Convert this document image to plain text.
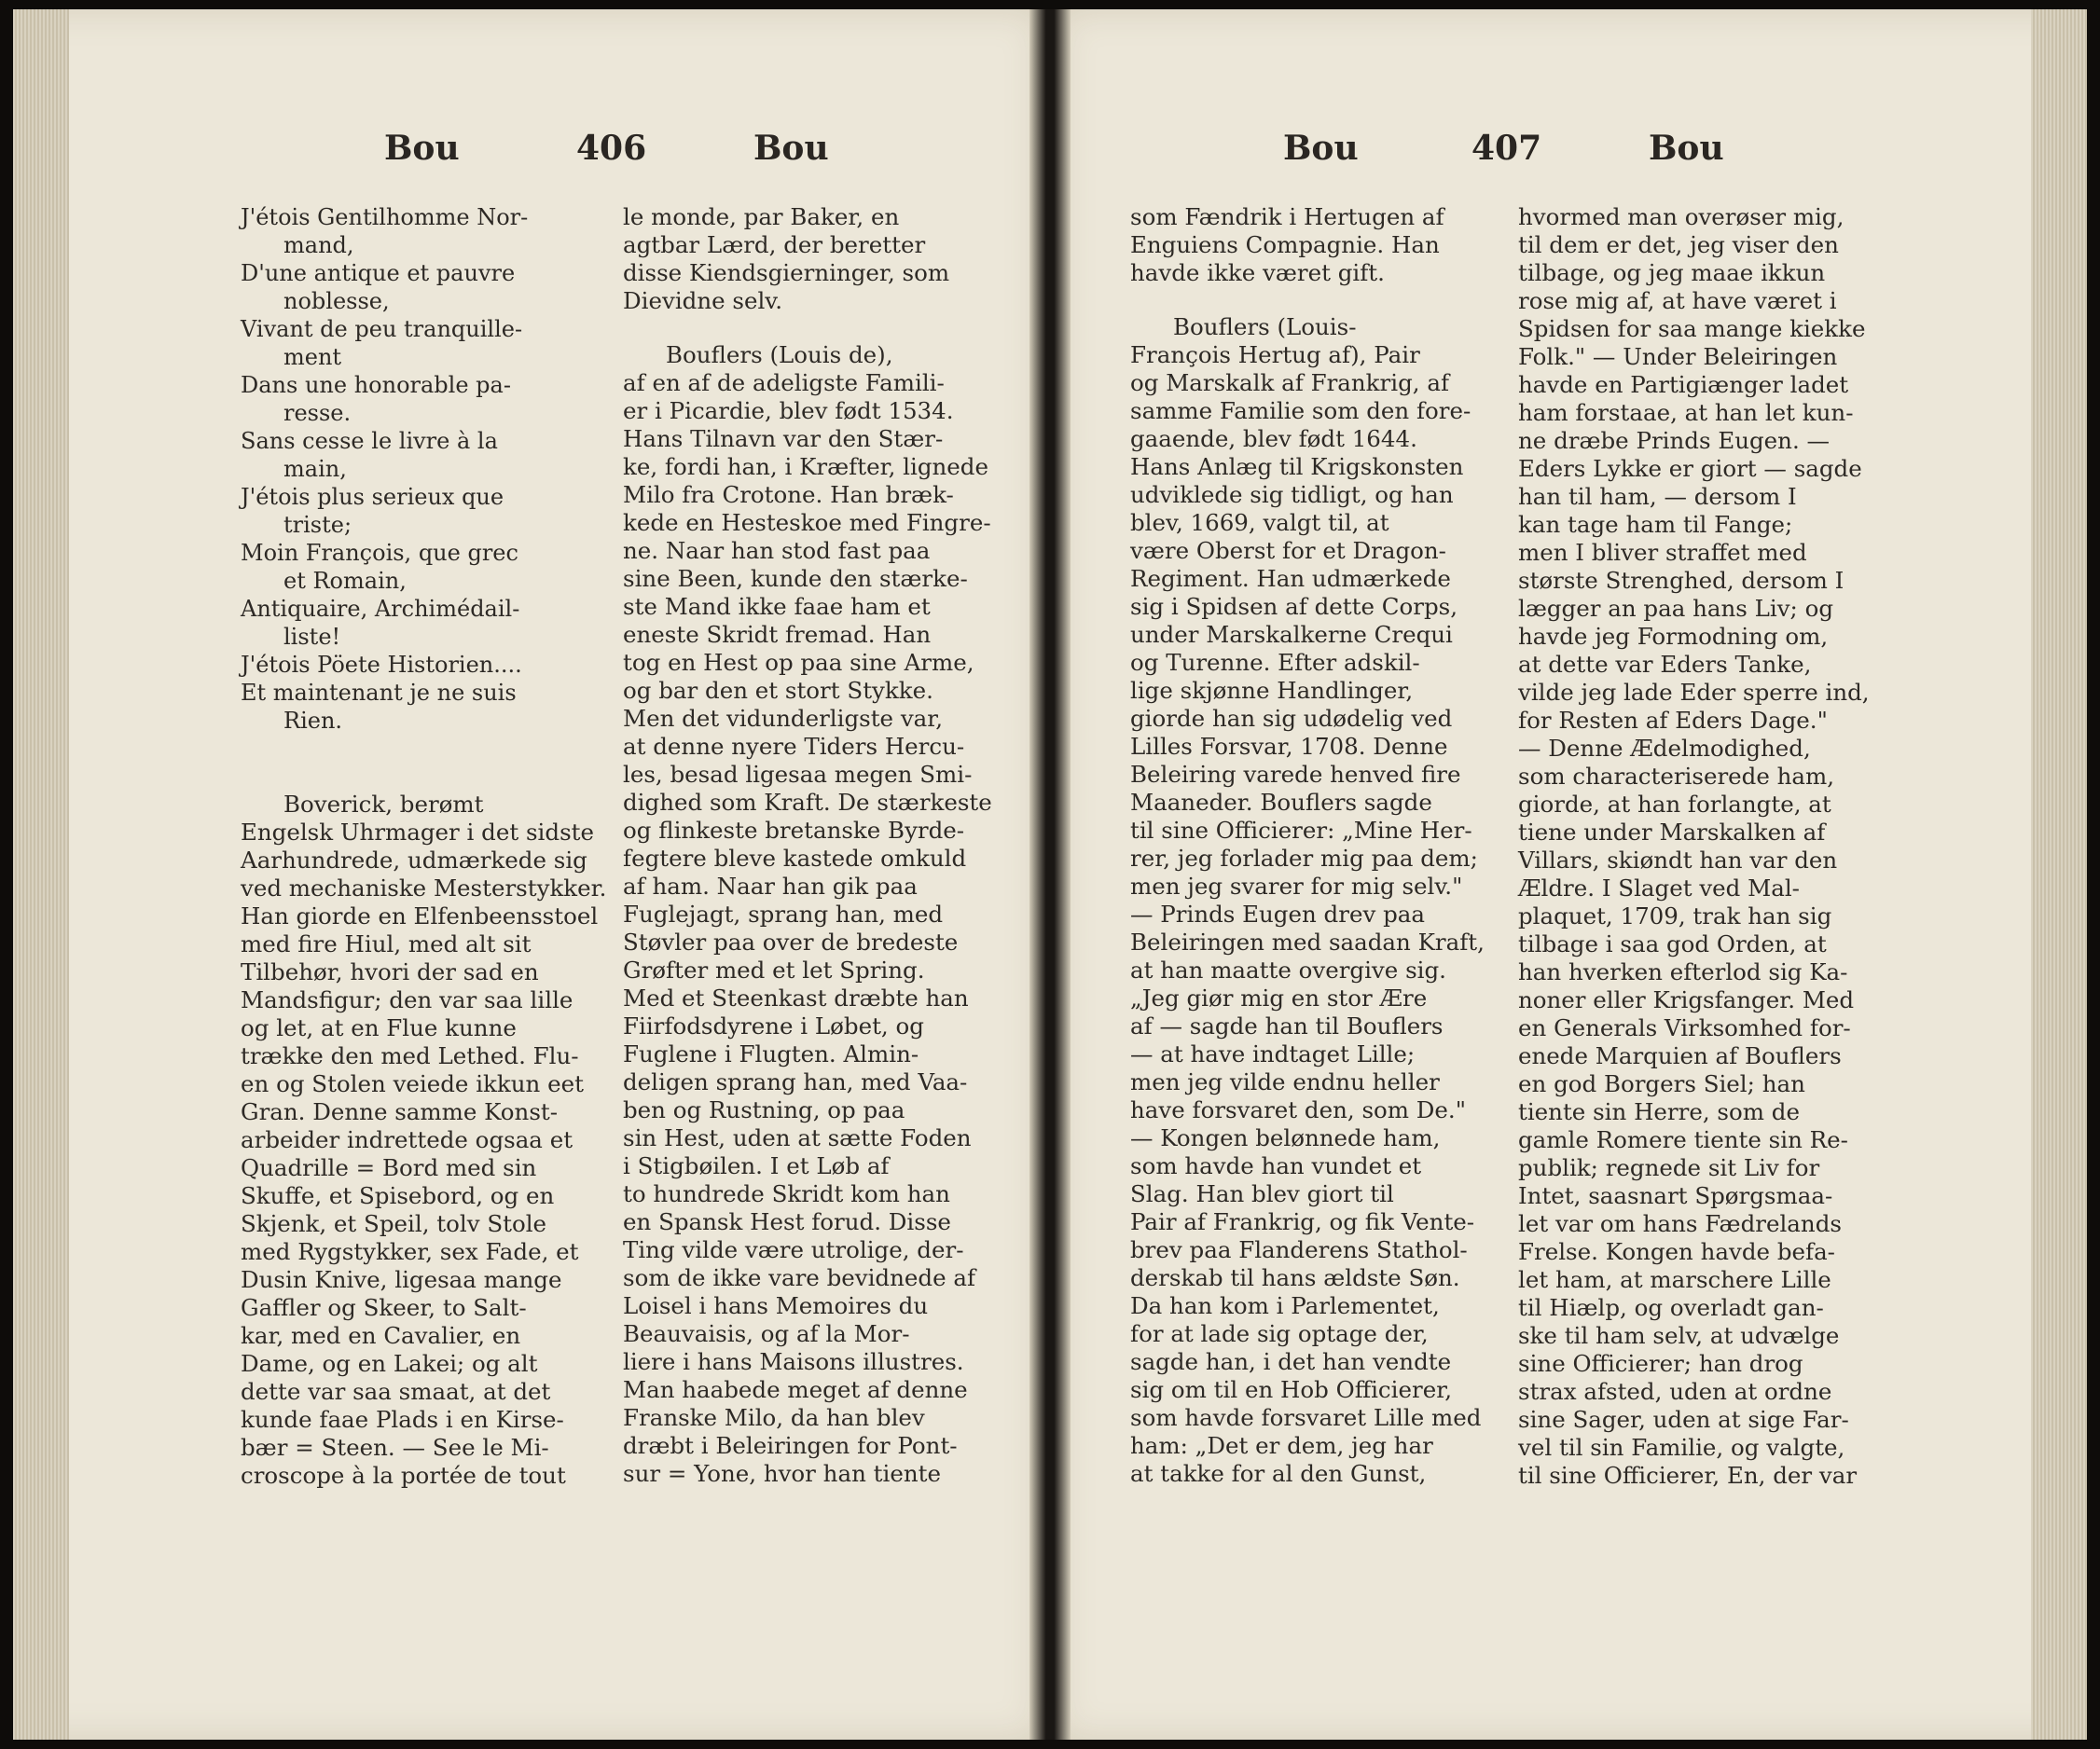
Bou	406	Bou	Bou	407	Bou
J'étois Gentilhomme Nor-
mand,
D'une antique et pauvre
noblesse,
Vivant de peu tranquille-
ment
Dans une honorable pa-
resse.
Sans cesse le livre à la
main,
J'étois plus serieux que
triste;
Moin François, que grec
et Romain,
Antiquaire, Archimédail-
liste!
J'étois Pöete Historien....
Et maintenant je ne suis
Rien.
Boverick, berømt
Engelsk Uhrmager i det sidste
Aarhundrede, udmærkede sig
ved mechaniske Mesterstykker.
Han giorde en Elfenbeensstoel
med fire Hiul, med alt sit
Tilbehør, hvori der sad en
Mandsfigur; den var saa lille
og let, at en Flue kunne
trække den med Lethed. Flu-
en og Stolen veiede ikkun eet
Gran. Denne samme Konst-
arbeider indrettede ogsaa et
Quadrille = Bord med sin
Skuffe, et Spisebord, og en
Skjenk, et Speil, tolv Stole
med Rygstykker, sex Fade, et
Dusin Knive, ligesaa mange
Gaffler og Skeer, to Salt-
kar, med en Cavalier, en
Dame, og en Lakei; og alt
dette var saa smaat, at det
kunde faae Plads i en Kirse-
bær = Steen. — See le Mi-
croscope à la portée de tout
le monde, par Baker, en
agtbar Lærd, der beretter
disse Kiendsgierninger, som
Dievidne selv.

Bouflers (Louis de),
af en af de adeligste Famili-
er i Picardie, blev født 1534.
Hans Tilnavn var den Stær-
ke, fordi han, i Kræfter, lignede
Milo fra Crotone. Han bræk-
kede en Hesteskoe med Fingre-
ne. Naar han stod fast paa
sine Been, kunde den stærke-
ste Mand ikke faae ham et
eneste Skridt fremad. Han
tog en Hest op paa sine Arme,
og bar den et stort Stykke.
Men det vidunderligste var,
at denne nyere Tiders Hercu-
les, besad ligesaa megen Smi-
dighed som Kraft. De stærkeste
og flinkeste bretanske Byrde-
fegtere bleve kastede omkuld
af ham. Naar han gik paa
Fuglejagt, sprang han, med
Støvler paa over de bredeste
Grøfter med et let Spring.
Med et Steenkast dræbte han
Fiirfodsdyrene i Løbet, og
Fuglene i Flugten. Almin-
deligen sprang han, med Vaa-
ben og Rustning, op paa
sin Hest, uden at sætte Foden
i Stigbøilen. I et Løb af
to hundrede Skridt kom han
en Spansk Hest forud. Disse
Ting vilde være utrolige, der-
som de ikke vare bevidnede af
Loisel i hans Memoires du
Beauvaisis, og af la Mor-
liere i hans Maisons illustres.
Man haabede meget af denne
Franske Milo, da han blev
dræbt i Beleiringen for Pont-
sur = Yone, hvor han tiente
som Fændrik i Hertugen af
Enguiens Compagnie. Han
havde ikke været gift.

Bouflers (Louis-
François Hertug af), Pair
og Marskalk af Frankrig, af
samme Familie som den fore-
gaaende, blev født 1644.
Hans Anlæg til Krigskonsten
udviklede sig tidligt, og han
blev, 1669, valgt til, at
være Oberst for et Dragon-
Regiment. Han udmærkede
sig i Spidsen af dette Corps,
under Marskalkerne Crequi
og Turenne. Efter adskil-
lige skjønne Handlinger,
giorde han sig udødelig ved
Lilles Forsvar, 1708. Denne
Beleiring varede henved fire
Maaneder. Bouflers sagde
til sine Officierer: „Mine Her-
rer, jeg forlader mig paa dem;
men jeg svarer for mig selv."
— Prinds Eugen drev paa
Beleiringen med saadan Kraft,
at han maatte overgive sig.
„Jeg giør mig en stor Ære
af — sagde han til Bouflers
— at have indtaget Lille;
men jeg vilde endnu heller
have forsvaret den, som De."
— Kongen belønnede ham,
som havde han vundet et
Slag. Han blev giort til
Pair af Frankrig, og fik Vente-
brev paa Flanderens Stathol-
derskab til hans ældste Søn.
Da han kom i Parlementet,
for at lade sig optage der,
sagde han, i det han vendte
sig om til en Hob Officierer,
som havde forsvaret Lille med
ham: „Det er dem, jeg har
at takke for al den Gunst,
hvormed man overøser mig,
til dem er det, jeg viser den
tilbage, og jeg maae ikkun
rose mig af, at have været i
Spidsen for saa mange kiekke
Folk." — Under Beleiringen
havde en Partigiænger ladet
ham forstaae, at han let kun-
ne dræbe Prinds Eugen. —
Eders Lykke er giort — sagde
han til ham, — dersom I
kan tage ham til Fange;
men I bliver straffet med
største Strenghed, dersom I
lægger an paa hans Liv; og
havde jeg Formodning om,
at dette var Eders Tanke,
vilde jeg lade Eder sperre ind,
for Resten af Eders Dage."
— Denne Ædelmodighed,
som characteriserede ham,
giorde, at han forlangte, at
tiene under Marskalken af
Villars, skiøndt han var den
Ældre. I Slaget ved Mal-
plaquet, 1709, trak han sig
tilbage i saa god Orden, at
han hverken efterlod sig Ka-
noner eller Krigsfanger. Med
en Generals Virksomhed for-
enede Marquien af Bouflers
en god Borgers Siel; han
tiente sin Herre, som de
gamle Romere tiente sin Re-
publik; regnede sit Liv for
Intet, saasnart Spørgsmaa-
let var om hans Fædrelands
Frelse. Kongen havde befa-
let ham, at marschere Lille
til Hiælp, og overladt gan-
ske til ham selv, at udvælge
sine Officierer; han drog
strax afsted, uden at ordne
sine Sager, uden at sige Far-
vel til sin Familie, og valgte,
til sine Officierer, En, der var
